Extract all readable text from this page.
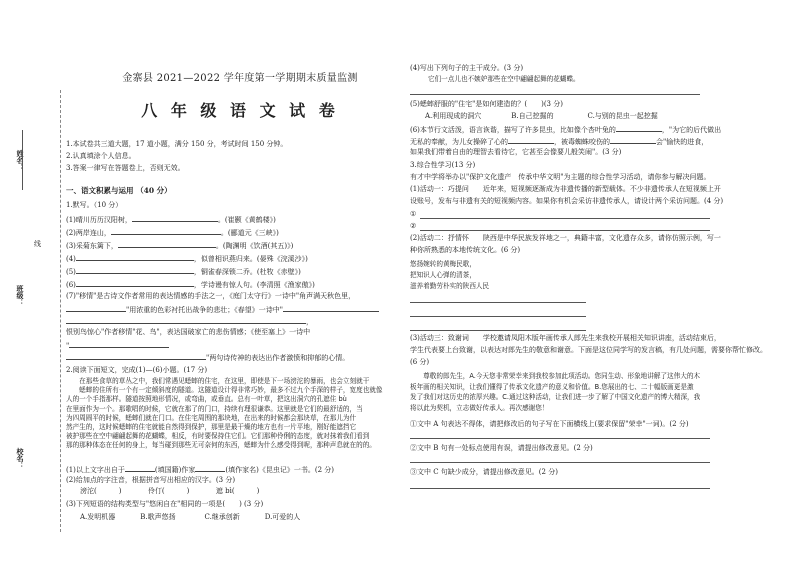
姓名：
班级：
校名：
线
金寨县 2021—2022 学年度第一学期期末质量监测
八 年 级 语 文 试 卷
1.本试卷共三道大题，17 道小题，满分 150 分，考试时间 150 分钟。
2.认真填涂个人信息。
3.答案一律写在答题卷上，否则无效。
一、语文积累与运用 （40 分）
1.默写。（10 分）
(1)晴川历历汉阳树，	。(崔颢《黄鹤楼》)
(2)两岸连山，	。(郦道元《三峡》)
(3)采菊东篱下，	。(陶渊明《饮酒(其五)》)
(4)	，似曾相识燕归来。(晏殊《浣溪沙》)
(5)	，铜雀春深锁二乔。(杜牧《赤壁》)
(6)	，学诗谩有惊人句。(李清照《渔家傲》)
(7)"移情"是古诗文作者常用的表达情感的手法之一，《庭门太守行》一诗中"角声满天秋色里，
"用浓重的色彩衬托出战争的悲壮；《春望》一诗中"
，
恨别鸟惊心"作者移情"花、鸟"，表达国破家亡的悲伤情感；《使至塞上》一诗中
"
"两句诗传神的表达出作者激愤和抑郁的心情。
2.阅读下面短文，完成(1)—(6)小题。(17 分)
　　在那些食草的草丛之中，我们常遇见蟋蟀的住宅，在这里，即使是下一场滂沱的暴雨，也会立刻就干
　　蟋蟀的住所有一个有一定倾斜度的隧道。这隧道设计得非常巧妙，最多不过九个手深的样子，宽度也就像
人的一个手指那样。隧道按照地形情况，或弯曲，或垂直。总有一叶草，把这出洞穴的孔遮住 bù
在里面作为一个。那歌唱的时候，它就在那了的门口，持续有理很谦恭。这里就是它们的最舒适的，当
为四周圆平的时候，蟋蟀们就在门口。在住宅周围的那块地，在出来的时候都会那块草，在那儿为什
然产生的，这时候蟋蟀的住宅就能自然得到保护，那里是最干燥的地方也有一片平地，刚好能遮挡它
被护那些在空中翩翩起舞的花蝴蝶，相反，有时要保持住它们。它们那种伶俐的态度，就对抹着我们看到
那的那种体态在任何的身上，每当碰到那些无可奈何的东西，蟋蟀为什么感受得到呢，那种声息就在的的。
(1)以上文字出自于	(填国籍)作家	(填作家名)《昆虫记》一书。(2 分)
(2)给加点的字注音，根据拼音写出相应的汉字。(3 分)
滂沱(	)	伶仃(	)	遮 bì(	)
(3)下列短语的结构类型与"悠闲自在"相同的一项是(　　) (3 分)
A.发明机器	B.歌声悠扬	C.继承创新	D.可爱的人
(4)写出下列句子的主干成分。(3 分)
它们一点儿也不嫉妒那些在空中翩翩起舞的花蝴蝶。
(5)蟋蟀舒服的"住宅"是如何建造的？(　　)(3 分)
A.利用现成的洞穴	B.自己挖掘的	C.与别的昆虫一起挖掘
(6)本节行文活泼，语言诙谐，描写了许多昆虫，比如像个杏叶兔的	，"为它的后代做出
无私的奉献，为儿女操碎了心的	，被毒蜘蛛咬伤的	会"愉快的进食，
如果我们带着自由的理智去看待它，它甚至会像要儿般笑闹"。(3 分)
3.综合性学习(13 分)
有才中学将举办以"保护文化遗产　传承中华文明"为主题的综合性学习活动，请你参与解决问题。
(1)活动一：巧提问　　近年来，短视频逐渐成为非遗传播的新型载体。不少非遗传承人在短视频上开
设账号，发布与非遗有关的短视频内容。如果你有机会采访非遗传承人，请设计两个采访问题。(4 分)
①
②
(2)活动二：抒情怀　　陕西是中华民族发祥地之一，典籍丰富，文化遗存众多，请你仿照示例，写一
种你所熟悉的本地传统文化。(6 分)
悠扬婉转的黄梅民歌，
把知识人心弹的清茶，
滋养着勤劳朴实的陕西人民
(3)活动三：致谢词　　学校邀请凤阳木版年画传承人郎先生来我校开展相关知识讲座，活动结束后，
学生代表要上台致谢，以表达对郎先生的敬意和谢意。下面是这位同学写的发言稿，有几处问题，需要你帮忙修改。
(6 分)
　　尊敬的郎先生，A.今天您非常荣幸来到我校参加此项活动。您同生动、形象地讲解了这伟大的木
板年画的相关知识，让我们懂得了传承文化遗产的意义和价值。B.您展出的七、二十幅版画更是激
发了我们对这历史的浓厚兴趣。C.通过这种活动，让我们进一步了解了中国文化遗产的博大精深，我
将以此为契机，立志做好传承人。再次感谢您！
①文中 A 句表达不得体，请把修改后的句子写在下面横线上(要求保留"荣幸"一词)。(2 分)
②文中 B 句有一处标点使用有误，请提出修改意见。(2 分)
③文中 C 句缺少成分，请提出修改意见。(2 分)
